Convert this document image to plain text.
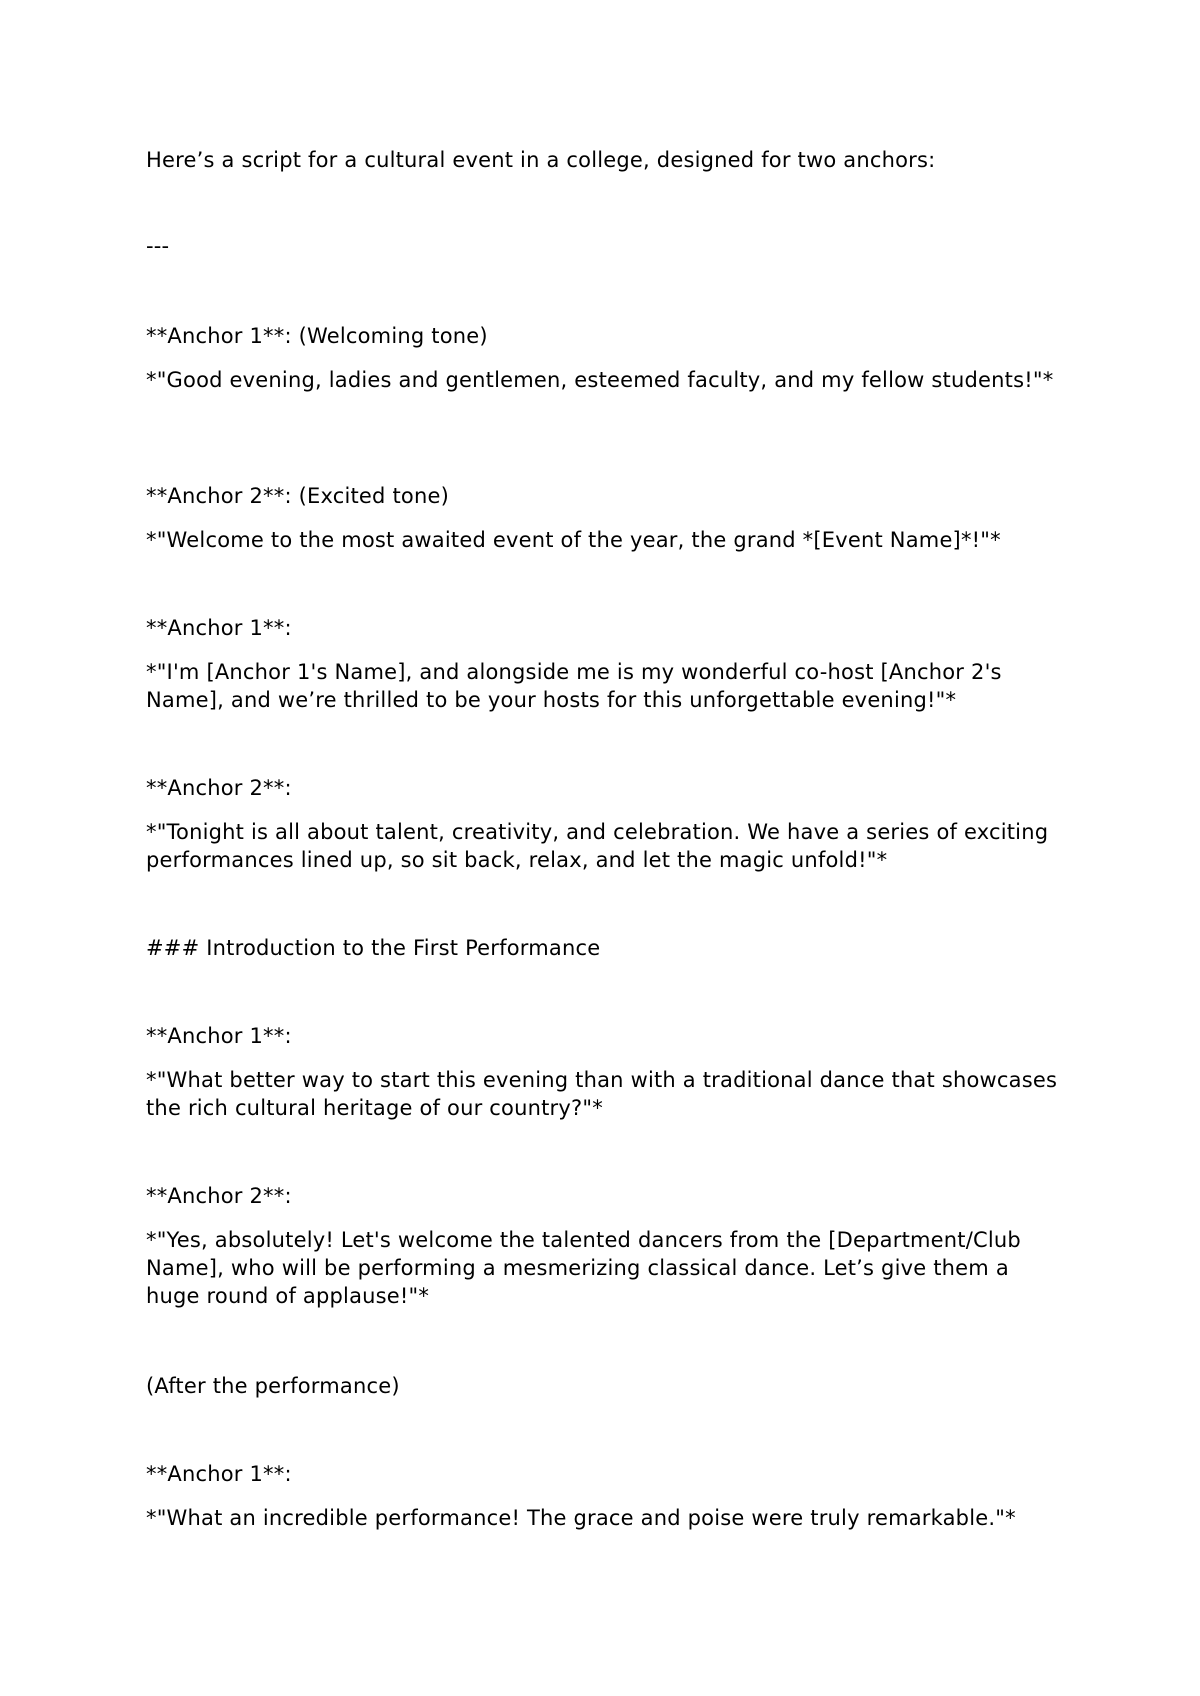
Here’s a script for a cultural event in a college, designed for two anchors:

---

**Anchor 1**: (Welcoming tone)

*"Good evening, ladies and gentlemen, esteemed faculty, and my fellow students!"*

**Anchor 2**: (Excited tone)

*"Welcome to the most awaited event of the year, the grand *[Event Name]*!"*

**Anchor 1**:

*"I'm [Anchor 1's Name], and alongside me is my wonderful co-host [Anchor 2's Name], and we’re thrilled to be your hosts for this unforgettable evening!"*

**Anchor 2**:

*"Tonight is all about talent, creativity, and celebration. We have a series of exciting performances lined up, so sit back, relax, and let the magic unfold!"*

### Introduction to the First Performance

**Anchor 1**:

*"What better way to start this evening than with a traditional dance that showcases the rich cultural heritage of our country?"*

**Anchor 2**:

*"Yes, absolutely! Let's welcome the talented dancers from the [Department/Club Name], who will be performing a mesmerizing classical dance. Let’s give them a huge round of applause!"*

(After the performance)

**Anchor 1**:

*"What an incredible performance! The grace and poise were truly remarkable."*
